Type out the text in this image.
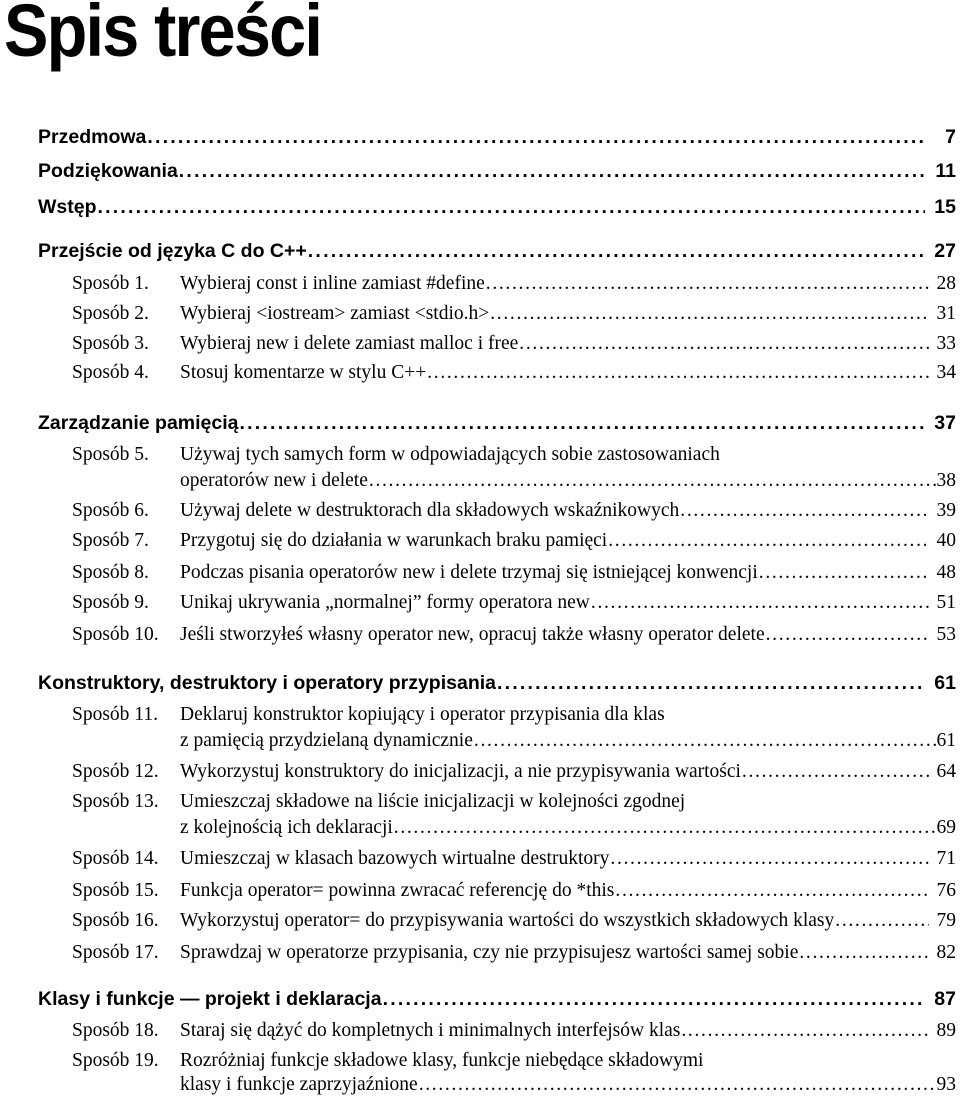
Spis treści
Przedmowa . . .	7
Podziękowania . . .	11
Wstęp . . .	15
Przejście od języka C do C++ . . .	27
Sposób 1.	Wybieraj const i inline zamiast #define . . .	28
Sposób 2.	Wybieraj <iostream> zamiast <stdio.h> . . .	31
Sposób 3.	Wybieraj new i delete zamiast malloc i free . . .	33
Sposób 4.	Stosuj komentarze w stylu C++ . . .	34
Zarządzanie pamięcią . . .	37
Sposób 5.	Używaj tych samych form w odpowiadających sobie zastosowaniach
operatorów new i delete . . .	38
Sposób 6.	Używaj delete w destruktorach dla składowych wskaźnikowych . . .	39
Sposób 7.	Przygotuj się do działania w warunkach braku pamięci . . .	40
Sposób 8.	Podczas pisania operatorów new i delete trzymaj się istniejącej konwencji . . .	48
Sposób 9.	Unikaj ukrywania „normalnej” formy operatora new . . .	51
Sposób 10.	Jeśli stworzyłeś własny operator new, opracuj także własny operator delete . . .	53
Konstruktory, destruktory i operatory przypisania . . .	61
Sposób 11.	Deklaruj konstruktor kopiujący i operator przypisania dla klas
z pamięcią przydzielaną dynamicznie . . .	61
Sposób 12.	Wykorzystuj konstruktory do inicjalizacji, a nie przypisywania wartości . . .	64
Sposób 13.	Umieszczaj składowe na liście inicjalizacji w kolejności zgodnej
z kolejnością ich deklaracji . . .	69
Sposób 14.	Umieszczaj w klasach bazowych wirtualne destruktory . . .	71
Sposób 15.	Funkcja operator= powinna zwracać referencję do *this . . .	76
Sposób 16.	Wykorzystuj operator= do przypisywania wartości do wszystkich składowych klasy . . .	79
Sposób 17.	Sprawdzaj w operatorze przypisania, czy nie przypisujesz wartości samej sobie . . .	82
Klasy i funkcje — projekt i deklaracja . . .	87
Sposób 18.	Staraj się dążyć do kompletnych i minimalnych interfejsów klas . . .	89
Sposób 19.	Rozróżniaj funkcje składowe klasy, funkcje niebędące składowymi
klasy i funkcje zaprzyjaźnione . . .	93
